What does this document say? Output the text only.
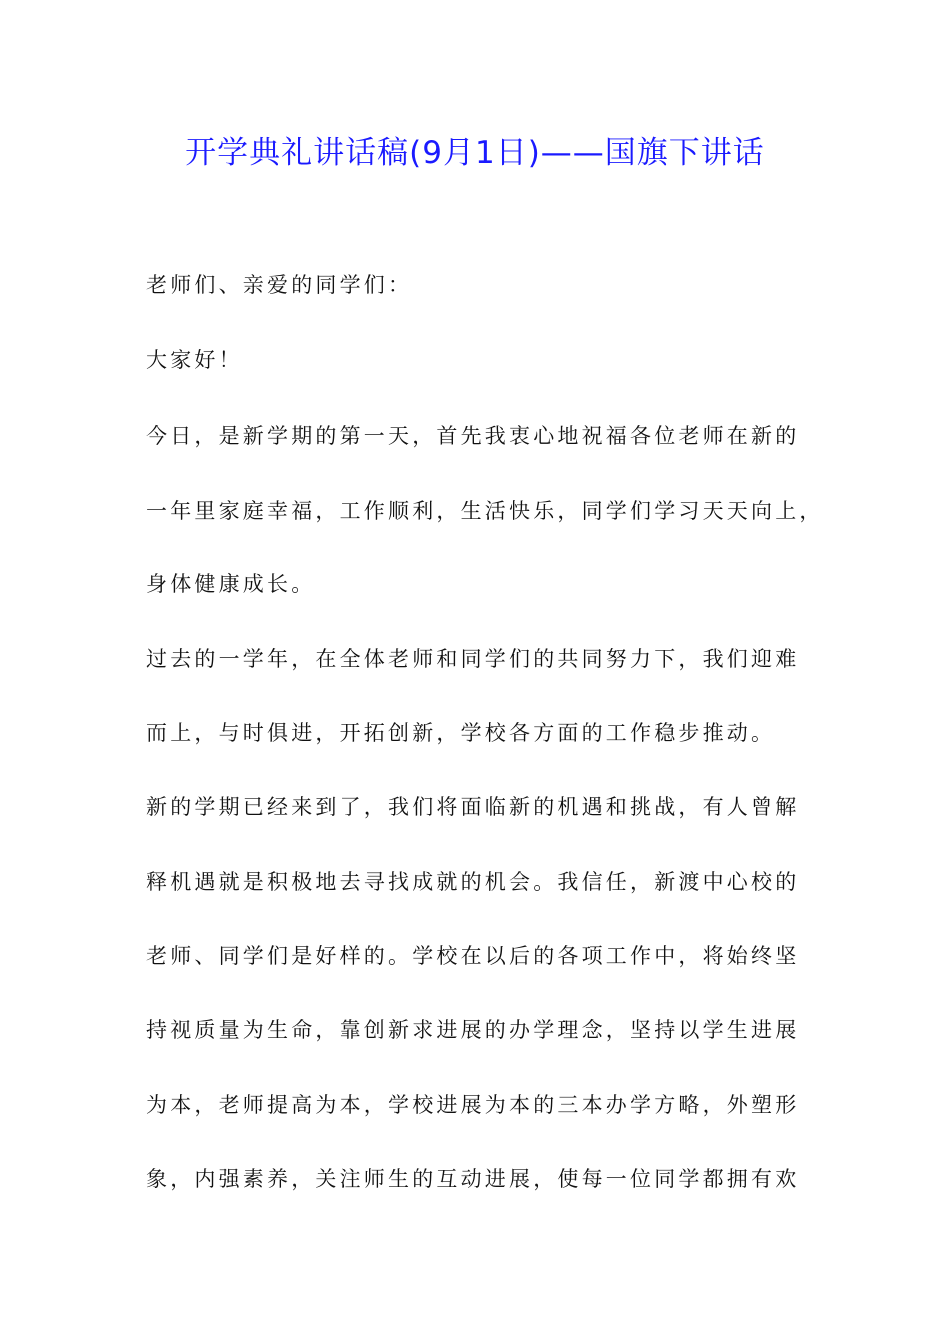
开学典礼讲话稿(9月1日)——国旗下讲话
老师们、亲爱的同学们：
大家好！
今日，是新学期的第一天，首先我衷心地祝福各位老师在新的
一年里家庭幸福，工作顺利，生活快乐，同学们学习天天向上，
身体健康成长。
过去的一学年，在全体老师和同学们的共同努力下，我们迎难
而上，与时俱进，开拓创新，学校各方面的工作稳步推动。
新的学期已经来到了，我们将面临新的机遇和挑战，有人曾解
释机遇就是积极地去寻找成就的机会。我信任，新渡中心校的
老师、同学们是好样的。学校在以后的各项工作中，将始终坚
持视质量为生命，靠创新求进展的办学理念，坚持以学生进展
为本，老师提高为本，学校进展为本的三本办学方略，外塑形
象，内强素养，关注师生的互动进展，使每一位同学都拥有欢
